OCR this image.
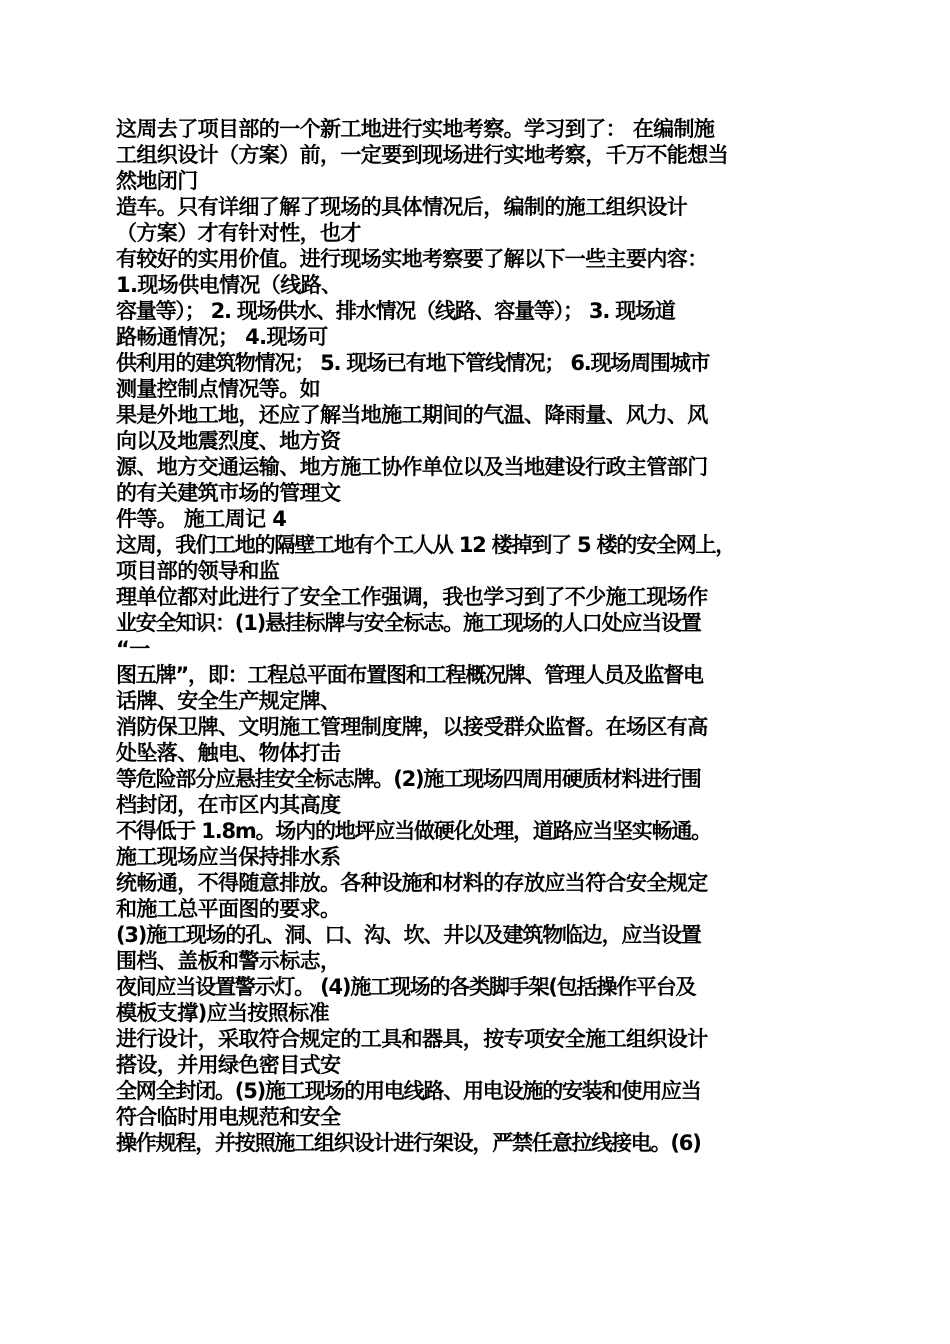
这周去了项目部的一个新工地进行实地考察。学习到了： 在编制施
工组织设计（方案）前，一定要到现场进行实地考察，千万不能想当
然地闭门
造车。只有详细了解了现场的具体情况后，编制的施工组织设计
（方案）才有针对性，也才
有较好的实用价值。进行现场实地考察要了解以下一些主要内容：
1.现场供电情况（线路、
容量等）； 2. 现场供水、排水情况（线路、容量等）； 3. 现场道
路畅通情况； 4.现场可
供利用的建筑物情况； 5. 现场已有地下管线情况； 6.现场周围城市
测量控制点情况等。如
果是外地工地，还应了解当地施工期间的气温、降雨量、风力、风
向以及地震烈度、地方资
源、地方交通运输、地方施工协作单位以及当地建设行政主管部门
的有关建筑市场的管理文
件等。 施工周记 4
这周，我们工地的隔壁工地有个工人从 12 楼掉到了 5 楼的安全网上，
项目部的领导和监
理单位都对此进行了安全工作强调，我也学习到了不少施工现场作
业安全知识：(1)悬挂标牌与安全标志。施工现场的人口处应当设置
“一
图五牌”，即：工程总平面布置图和工程概况牌、管理人员及监督电
话牌、安全生产规定牌、
消防保卫牌、文明施工管理制度牌，以接受群众监督。在场区有高
处坠落、触电、物体打击
等危险部分应悬挂安全标志牌。(2)施工现场四周用硬质材料进行围
档封闭，在市区内其高度
不得低于 1.8m。场内的地坪应当做硬化处理，道路应当坚实畅通。
施工现场应当保持排水系
统畅通，不得随意排放。各种设施和材料的存放应当符合安全规定
和施工总平面图的要求。
(3)施工现场的孔、洞、口、沟、坎、井以及建筑物临边，应当设置
围档、盖板和警示标志，
夜间应当设置警示灯。 (4)施工现场的各类脚手架(包括操作平台及
模板支撑)应当按照标准
进行设计，采取符合规定的工具和器具，按专项安全施工组织设计
搭设，并用绿色密目式安
全网全封闭。(5)施工现场的用电线路、用电设施的安装和使用应当
符合临时用电规范和安全
操作规程，并按照施工组织设计进行架设，严禁任意拉线接电。(6)
